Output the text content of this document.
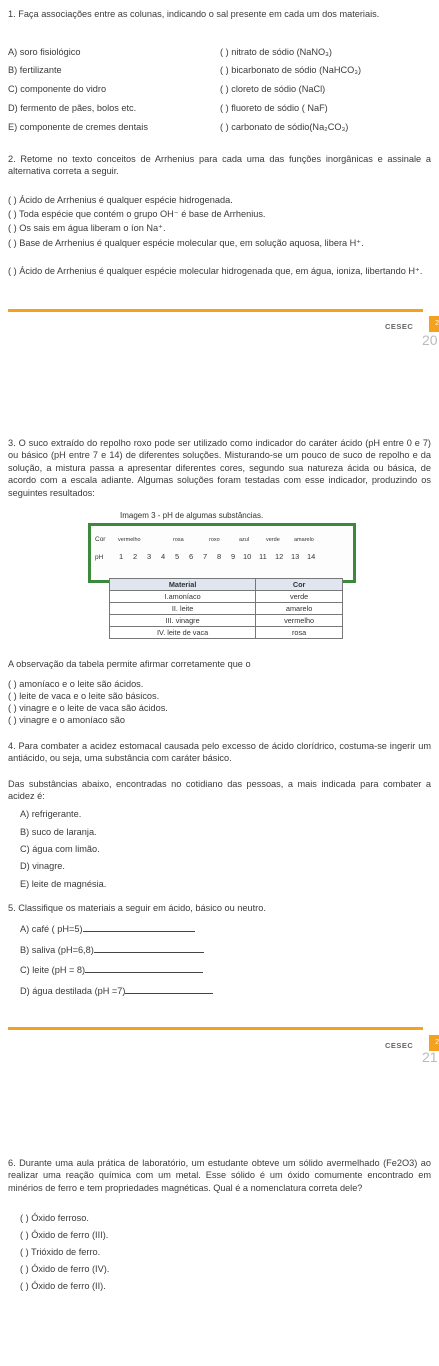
1. Faça associações entre as colunas, indicando o sal presente em cada um dos materiais.
A) soro fisiológico	( ) nitrato de sódio (NaNO₃)
B) fertilizante	( ) bicarbonato de sódio (NaHCO₃)
C) componente do vidro	( ) cloreto de sódio (NaCl)
D) fermento de pães, bolos etc.	( ) fluoreto de sódio ( NaF)
E) componente de cremes dentais	( ) carbonato de sódio(Na₂CO₃)
2. Retome no texto conceitos de Arrhenius para cada uma das funções inorgânicas e assinale a alternativa correta a seguir.
( ) Ácido de Arrhenius é qualquer espécie hidrogenada.
( ) Toda espécie que contém o grupo OH⁻ é base de Arrhenius.
( ) Os sais em água liberam o íon Na⁺.
( ) Base de Arrhenius é qualquer espécie molecular que, em solução aquosa, libera H⁺.
( ) Ácido de Arrhenius é qualquer espécie molecular hidrogenada que, em água, ioniza, libertando H⁺.
CESEC	2
20
3. O suco extraído do repolho roxo pode ser utilizado como indicador do caráter ácido (pH entre 0 e 7) ou básico (pH entre 7 e 14) de diferentes soluções. Misturando-se um pouco de suco de repolho e da solução, a mistura passa a apresentar diferentes cores, segundo sua natureza ácida ou básica, de acordo com a escala adiante. Algumas soluções foram testadas com esse indicador, produzindo os seguintes resultados:
Imagem 3 - pH de algumas substâncias.
Cor vermelho	rosa	roxo	azul	verde	amarelo
pH 1 2 3 4 5 6 7 8 9 10 11 12 13 14
Material	Cor
I.amoníaco	verde
II. leite	amarelo
III. vinagre	vermelho
IV. leite de vaca	rosa
A observação da tabela permite afirmar corretamente que o
( ) amoníaco e o leite são ácidos.
( ) leite de vaca e o leite são básicos.
( ) vinagre e o leite de vaca são ácidos.
( ) vinagre e o amoníaco são
4. Para combater a acidez estomacal causada pelo excesso de ácido clorídrico, costuma-se ingerir um antiácido, ou seja, uma substância com caráter básico.
Das substâncias abaixo, encontradas no cotidiano das pessoas, a mais indicada para combater a acidez é:
A) refrigerante.
B) suco de laranja.
C) água com limão.
D) vinagre.
E) leite de magnésia.
5. Classifique os materiais a seguir em ácido, básico ou neutro.
A) café ( pH=5)
B) saliva (pH=6,8)
C) leite (pH = 8)
D) água destilada (pH =7)
CESEC	2
21
6. Durante uma aula prática de laboratório, um estudante obteve um sólido avermelhado (Fe2O3) ao realizar uma reação química com um metal. Esse sólido é um óxido comumente encontrado em minérios de ferro e tem propriedades magnéticas. Qual é a nomenclatura correta dele?
( ) Óxido ferroso.
( ) Óxido de ferro (III).
( ) Trióxido de ferro.
( ) Óxido de ferro (IV).
( ) Óxido de ferro (II).
